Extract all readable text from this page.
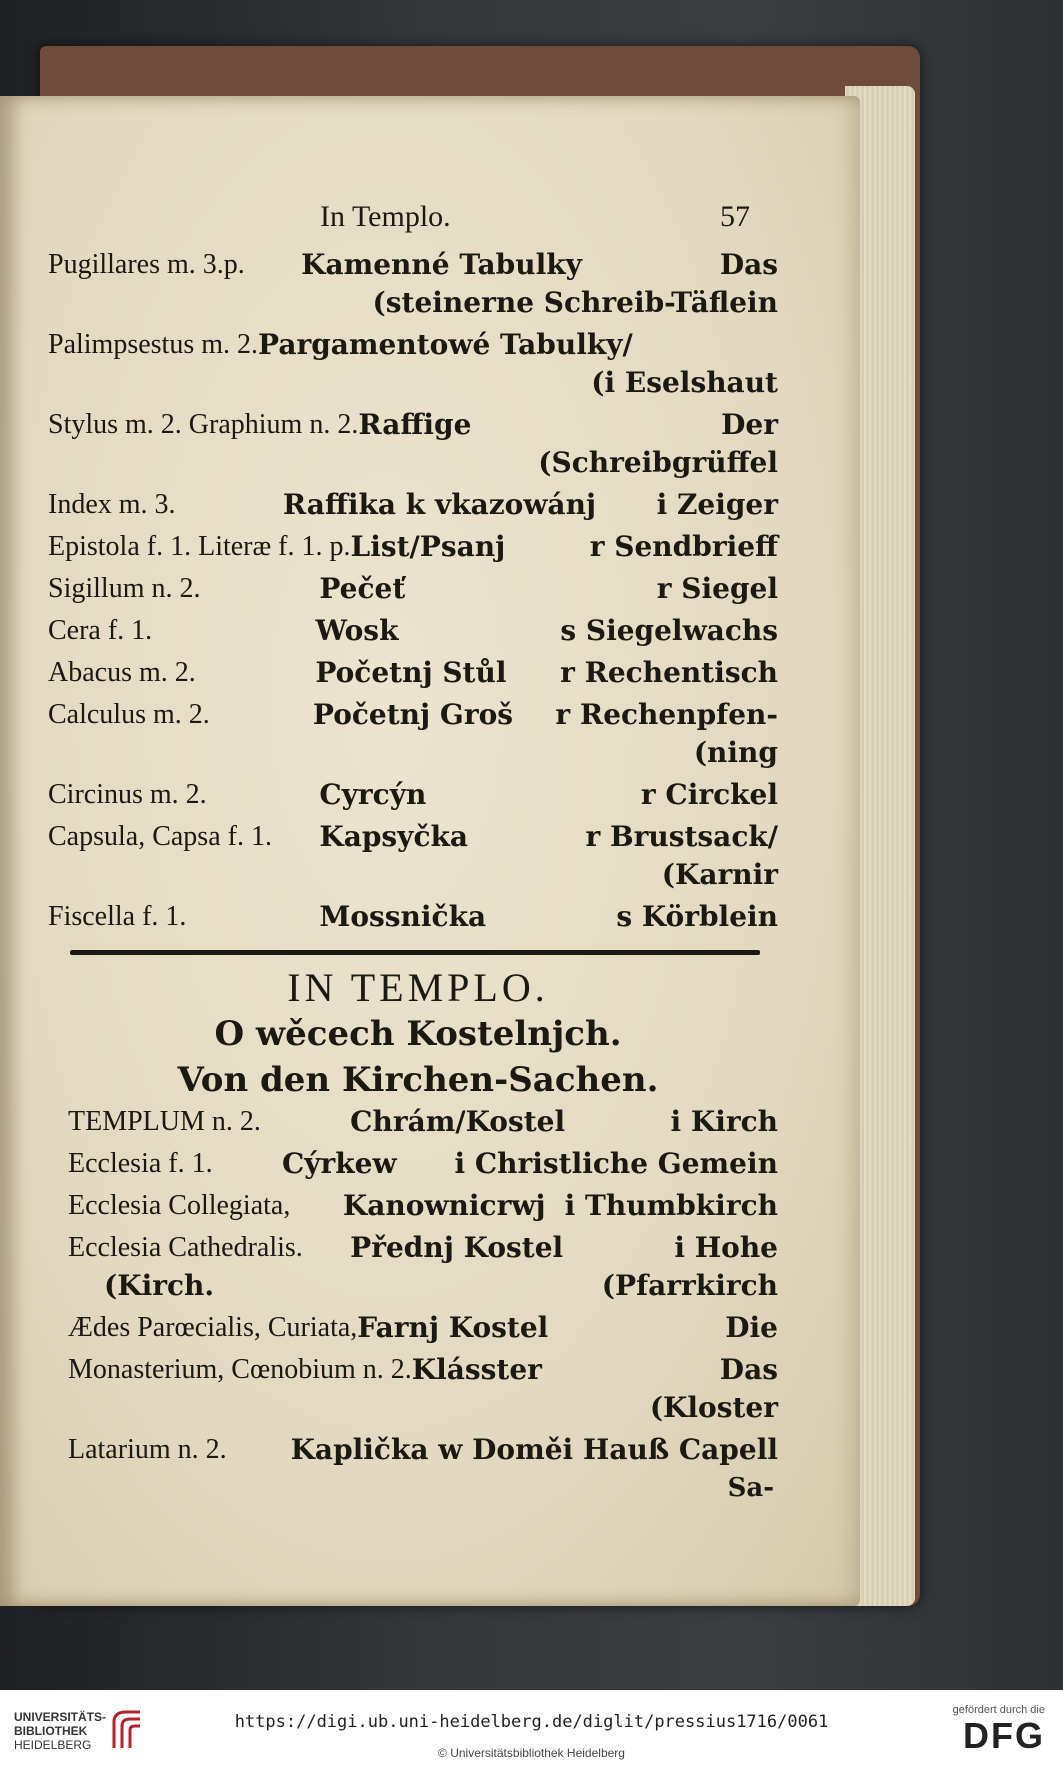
In Templo.	57
Pugillares m. 3.p.	Kamenné Tabulky	Das
(steinerne Schreib-Täflein
Palimpsestus m. 2. Pargamentowé Tabulky/
(i Eselshaut
Stylus m. 2. Graphium n. 2. Raffige	Der
(Schreibgrüffel
Index m. 3.	Raffika k vkazowánj	i Zeiger
Epistola f. 1. Literæ f. 1. p. List/Psanj	r Sendbrieff
Sigillum n. 2.	Pečeť	r Siegel
Cera f. 1.	Wosk	s Siegelwachs
Abacus m. 2.	Početnj Stůl	r Rechentisch
Calculus m. 2.	Početnj Groš	r Rechenpfen-
(ning
Circinus m. 2.	Cyrcýn	r Circkel
Capsula, Capsa f. 1.	Kapsyčka	r Brustsack/
(Karnir
Fiscella f. 1.	Mossnička	s Körblein
IN TEMPLO.
O wěcech Kostelnjch.
Von den Kirchen-Sachen.
TEMPLUM n. 2.	Chrám/Kostel	i Kirch
Ecclesia f. 1.	Cýrkew	i Christliche Gemein
Ecclesia Collegiata,	Kanownicrwj i Thumbkirch
Ecclesia Cathedralis.	Přednj Kostel	i Hohe
(Kirch.	(Pfarrkirch
Ædes Parœcialis, Curiata, Farnj Kostel	Die
Monasterium, Cœnobium n. 2. Klásster	Das
(Kloster
Latarium n. 2.	Kaplička w Domě i Hauß Capell
Sa-
UNIVERSITÄTS-
BIBLIOTHEK
HEIDELBERG
https://digi.ub.uni-heidelberg.de/diglit/pressius1716/0061
© Universitätsbibliothek Heidelberg
gefördert durch die
DFG
